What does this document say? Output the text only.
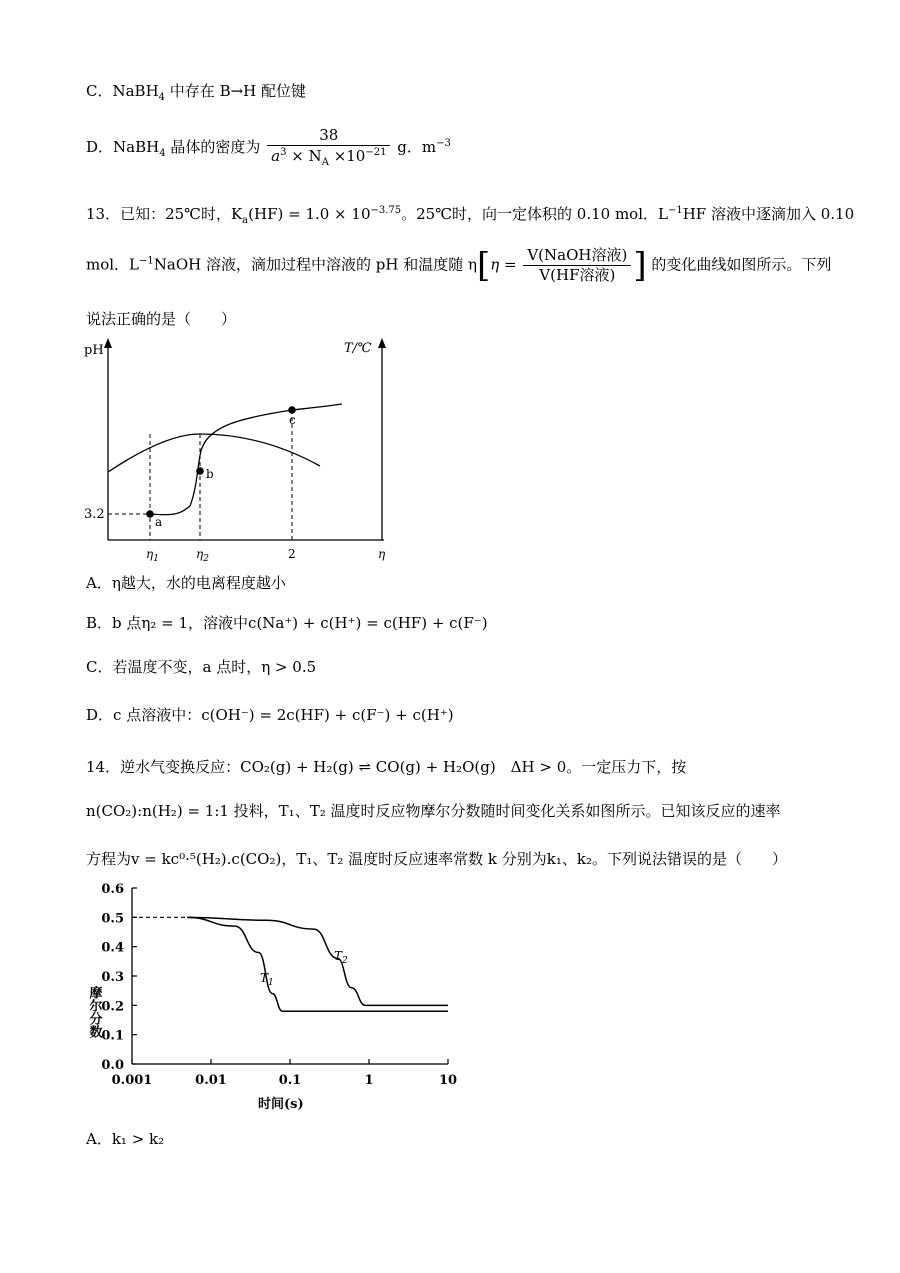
C．NaBH$_4$ 中存在 B→H 配位键
D．NaBH$_4$ 晶体的密度为 $\frac{38}{a^3 \times N_A \times 10^{-21}}$ g．$m^{-3}$
13．已知：25℃时，$K_a(HF) = 1.0 \times 10^{-3.75}$。25℃时，向一定体积的 0.10 mol．$L^{-1}HF$ 溶液中逐滴加入 0.10
mol．$L^{-1}NaOH$ 溶液，滴加过程中溶液的 pH 和温度随 $\eta[\eta = \frac{\text{V(NaOH溶液)}}{\text{V(HF溶液)}}$ ] 的变化曲线如图所示。下列
说法正确的是（　　）
pH	T/℃
3.2	a
b
c
$\eta_1$	$\eta_2$	2	η
A．η越大，水的电离程度越小
B．b 点η₂ = 1，溶液中c(Na⁺) + c(H⁺) = c(HF) + c(F⁻)
C．若温度不变，a 点时，η > 0.5
D．c 点溶液中：c(OH⁻) = 2c(HF) + c(F⁻) + c(H⁺)
14．逆水气变换反应：CO₂(g) + H₂(g) ⇌ CO(g) + H₂O(g)　ΔH > 0。一定压力下，按
n(CO₂):n(H₂) = 1:1 投料，T₁、T₂ 温度时反应物摩尔分数随时间变化关系如图所示。已知该反应的速率
方程为v = kc⁰·⁵(H₂).c(CO₂)，T₁、T₂ 温度时反应速率常数 k 分别为k₁、k₂。下列说法错误的是（　　）
0.0
0.1
0.2
0.3
0.4
0.5
0.6
0.001	0.01	0.1	1	10
摩尔分数
时间(s)
$T_1$
$T_2$
A．k₁ > k₂
